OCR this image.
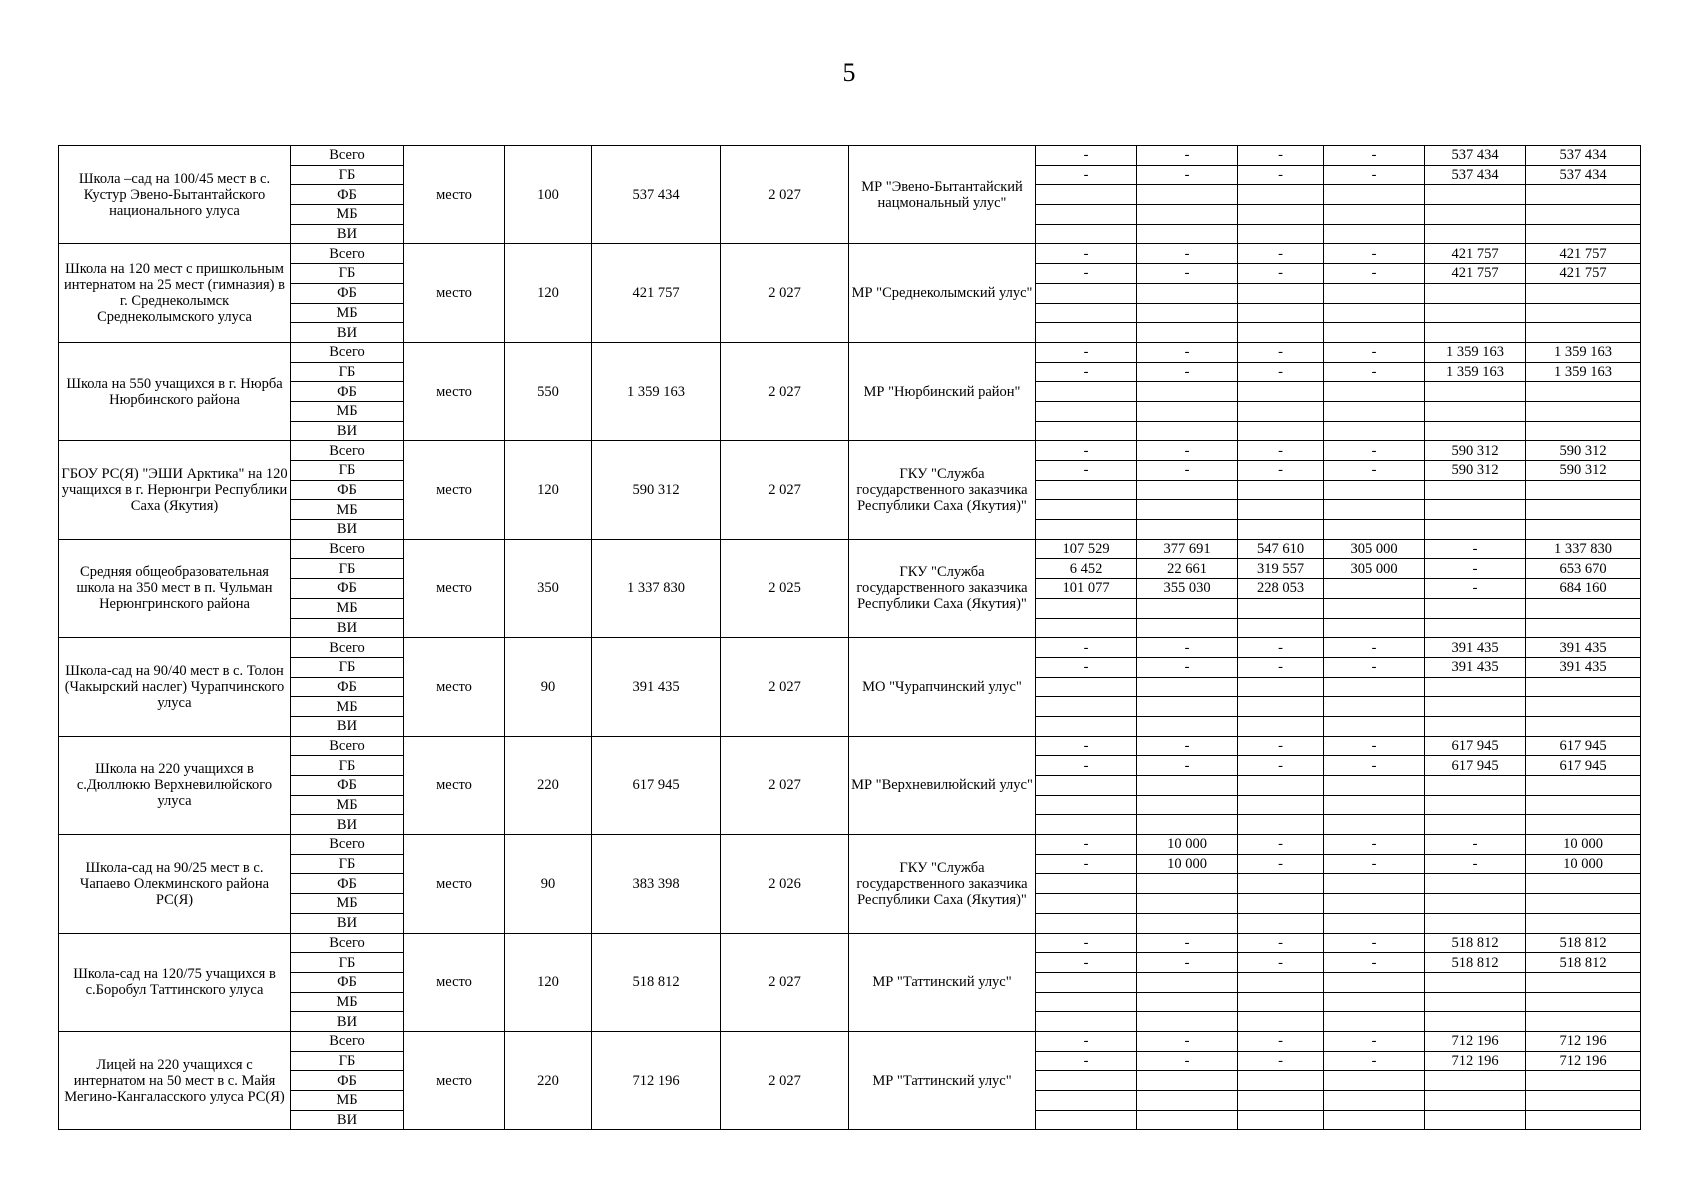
5
Школа –сад на 100/45 мест в с. Кустур Эвено-Бытантайского национального улуса	Всего	место	100	537 434	2 027	МР "Эвено-Бытантайский нацмональный улус"	-	-	-	-	537 434	537 434
	ГБ						-	-	-	-	537 434	537 434
	ФБ											
	МБ											
	ВИ											
Школа на 120 мест с пришкольным интернатом на 25 мест (гимназия) в г. Среднеколымск Среднеколымского улуса	Всего	место	120	421 757	2 027	МР "Среднеколымский улус"	-	-	-	-	421 757	421 757
	ГБ						-	-	-	-	421 757	421 757
	ФБ											
	МБ											
	ВИ											
Школа на 550 учащихся в г. Нюрба Нюрбинского района	Всего	место	550	1 359 163	2 027	МР "Нюрбинский район"	-	-	-	-	1 359 163	1 359 163
	ГБ						-	-	-	-	1 359 163	1 359 163
	ФБ											
	МБ											
	ВИ											
ГБОУ РС(Я) "ЭШИ Арктика" на 120 учащихся в г. Нерюнгри Республики Саха (Якутия)	Всего	место	120	590 312	2 027	ГКУ "Служба государственного заказчика Республики Саха (Якутия)"	-	-	-	-	590 312	590 312
	ГБ						-	-	-	-	590 312	590 312
	ФБ											
	МБ											
	ВИ											
Средняя общеобразовательная школа на 350 мест в п. Чульман Нерюнгринского района	Всего	место	350	1 337 830	2 025	ГКУ "Служба государственного заказчика Республики Саха (Якутия)"	107 529	377 691	547 610	305 000	-	1 337 830
	ГБ						6 452	22 661	319 557	305 000	-	653 670
	ФБ						101 077	355 030	228 053		-	684 160
	МБ											
	ВИ											
Школа-сад на 90/40 мест в с. Толон (Чакырский наслег) Чурапчинского улуса	Всего	место	90	391 435	2 027	МО "Чурапчинский улус"	-	-	-	-	391 435	391 435
	ГБ						-	-	-	-	391 435	391 435
	ФБ											
	МБ											
	ВИ											
Школа на 220 учащихся в с.Дюллюкю Верхневилюйского улуса	Всего	место	220	617 945	2 027	МР "Верхневилюйский улус"	-	-	-	-	617 945	617 945
	ГБ						-	-	-	-	617 945	617 945
	ФБ											
	МБ											
	ВИ											
Школа-сад на 90/25 мест в с. Чапаево Олекминского района РС(Я)	Всего	место	90	383 398	2 026	ГКУ "Служба государственного заказчика Республики Саха (Якутия)"	-	10 000	-	-	-	10 000
	ГБ						-	10 000	-	-	-	10 000
	ФБ											
	МБ											
	ВИ											
Школа-сад на 120/75 учащихся в с.Боробул Таттинского улуса	Всего	место	120	518 812	2 027	МР "Таттинский улус"	-	-	-	-	518 812	518 812
	ГБ						-	-	-	-	518 812	518 812
	ФБ											
	МБ											
	ВИ											
Лицей на 220 учащихся с интернатом на 50 мест в с. Майя Мегино-Кангаласского улуса РС(Я)	Всего	место	220	712 196	2 027	МР "Таттинский улус"	-	-	-	-	712 196	712 196
	ГБ						-	-	-	-	712 196	712 196
	ФБ											
	МБ											
	ВИ											
